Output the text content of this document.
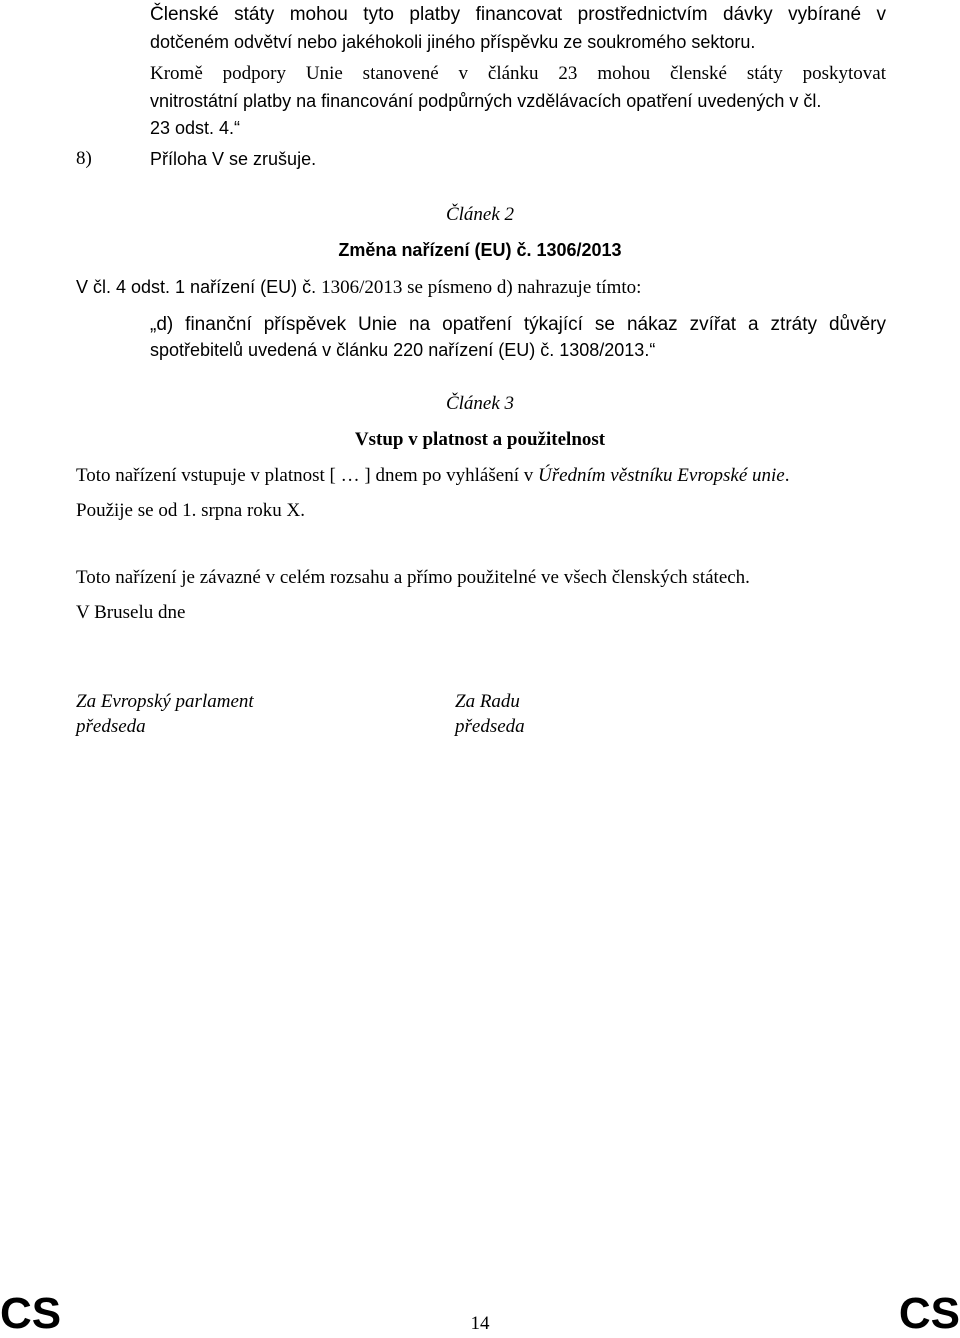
Členské státy mohou tyto platby financovat prostřednictvím dávky vybírané v
dotčeném odvětví nebo jakéhokoli jiného příspěvku ze soukromého sektoru.
Kromě podpory Unie stanovené v článku 23 mohou členské státy poskytovat
vnitrostátní platby na financování podpůrných vzdělávacích opatření uvedených v čl.
23 odst. 4.“
8)	Příloha V se zrušuje.
Článek 2
Změna nařízení (EU) č. 1306/2013
V čl. 4 odst. 1 nařízení (EU) č. 1306/2013 se písmeno d) nahrazuje tímto:
„d) finanční příspěvek Unie na opatření týkající se nákaz zvířat a ztráty důvěry
spotřebitelů uvedená v článku 220 nařízení (EU) č. 1308/2013.“
Článek 3
Vstup v platnost a použitelnost
Toto nařízení vstupuje v platnost [ … ] dnem po vyhlášení v Úředním věstníku Evropské unie.
Použije se od 1. srpna roku X.
Toto nařízení je závazné v celém rozsahu a přímo použitelné ve všech členských státech.
V Bruselu dne
Za Evropský parlament
předseda
Za Radu
předseda
CS	14	CS
